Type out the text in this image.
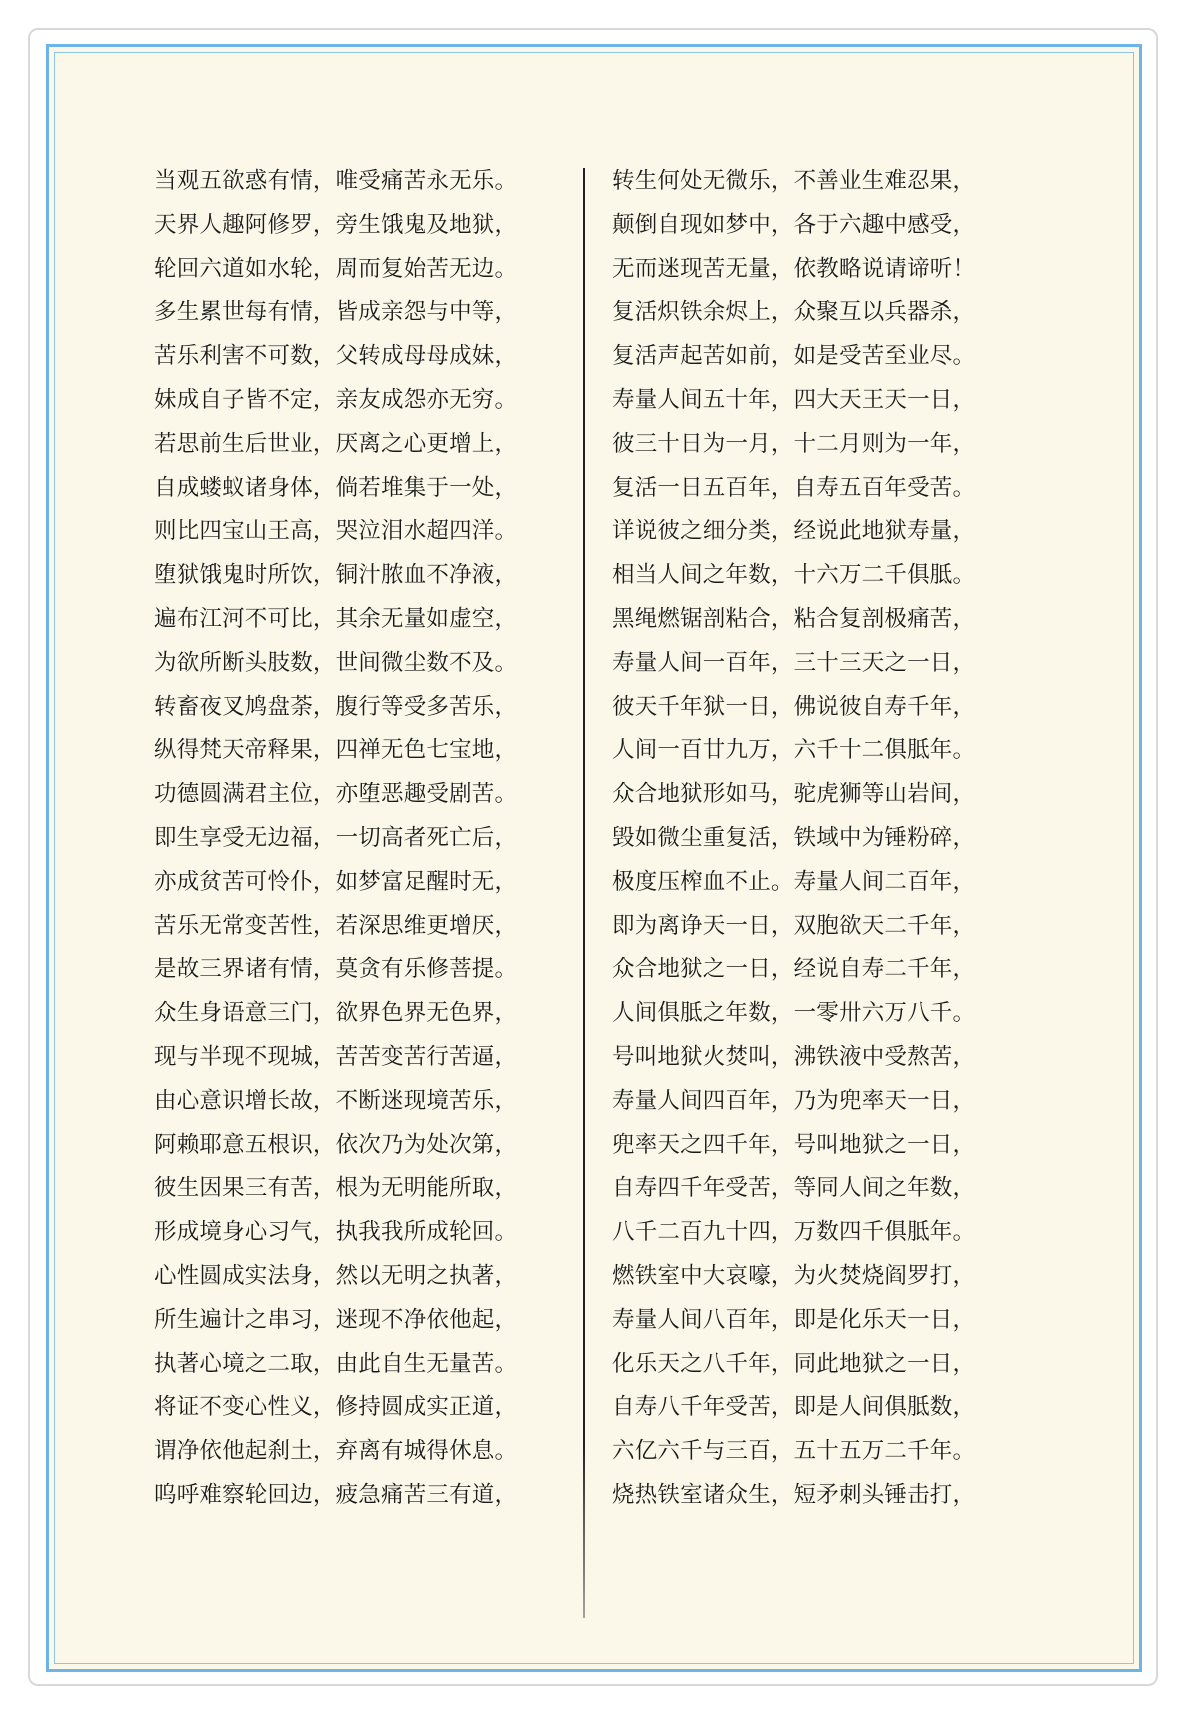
当观五欲惑有情，唯受痛苦永无乐。
天界人趣阿修罗，旁生饿鬼及地狱，
轮回六道如水轮，周而复始苦无边。
多生累世每有情，皆成亲怨与中等，
苦乐利害不可数，父转成母母成妹，
妹成自子皆不定，亲友成怨亦无穷。
若思前生后世业，厌离之心更增上，
自成蝼蚁诸身体，倘若堆集于一处，
则比四宝山王高，哭泣泪水超四洋。
堕狱饿鬼时所饮，铜汁脓血不净液，
遍布江河不可比，其余无量如虚空，
为欲所断头肢数，世间微尘数不及。
转畜夜叉鸠盘荼，腹行等受多苦乐，
纵得梵天帝释果，四禅无色七宝地，
功德圆满君主位，亦堕恶趣受剧苦。
即生享受无边福，一切高者死亡后，
亦成贫苦可怜仆，如梦富足醒时无，
苦乐无常变苦性，若深思维更增厌，
是故三界诸有情，莫贪有乐修菩提。
众生身语意三门，欲界色界无色界，
现与半现不现城，苦苦变苦行苦逼，
由心意识增长故，不断迷现境苦乐，
阿赖耶意五根识，依次乃为处次第，
彼生因果三有苦，根为无明能所取，
形成境身心习气，执我我所成轮回。
心性圆成实法身，然以无明之执著，
所生遍计之串习，迷现不净依他起，
执著心境之二取，由此自生无量苦。
将证不变心性义，修持圆成实正道，
谓净依他起刹土，弃离有城得休息。
呜呼难察轮回边，疲急痛苦三有道，
转生何处无微乐，不善业生难忍果，
颠倒自现如梦中，各于六趣中感受，
无而迷现苦无量，依教略说请谛听！
复活炽铁余烬上，众聚互以兵器杀，
复活声起苦如前，如是受苦至业尽。
寿量人间五十年，四大天王天一日，
彼三十日为一月，十二月则为一年，
复活一日五百年，自寿五百年受苦。
详说彼之细分类，经说此地狱寿量，
相当人间之年数，十六万二千俱胝。
黑绳燃锯剖粘合，粘合复剖极痛苦，
寿量人间一百年，三十三天之一日，
彼天千年狱一日，佛说彼自寿千年，
人间一百廿九万，六千十二俱胝年。
众合地狱形如马，驼虎狮等山岩间，
毁如微尘重复活，铁域中为锤粉碎，
极度压榨血不止。寿量人间二百年，
即为离诤天一日，双胞欲天二千年，
众合地狱之一日，经说自寿二千年，
人间俱胝之年数，一零卅六万八千。
号叫地狱火焚叫，沸铁液中受熬苦，
寿量人间四百年，乃为兜率天一日，
兜率天之四千年，号叫地狱之一日，
自寿四千年受苦，等同人间之年数，
八千二百九十四，万数四千俱胝年。
燃铁室中大哀嚎，为火焚烧阎罗打，
寿量人间八百年，即是化乐天一日，
化乐天之八千年，同此地狱之一日，
自寿八千年受苦，即是人间俱胝数，
六亿六千与三百，五十五万二千年。
烧热铁室诸众生，短矛刺头锤击打，
